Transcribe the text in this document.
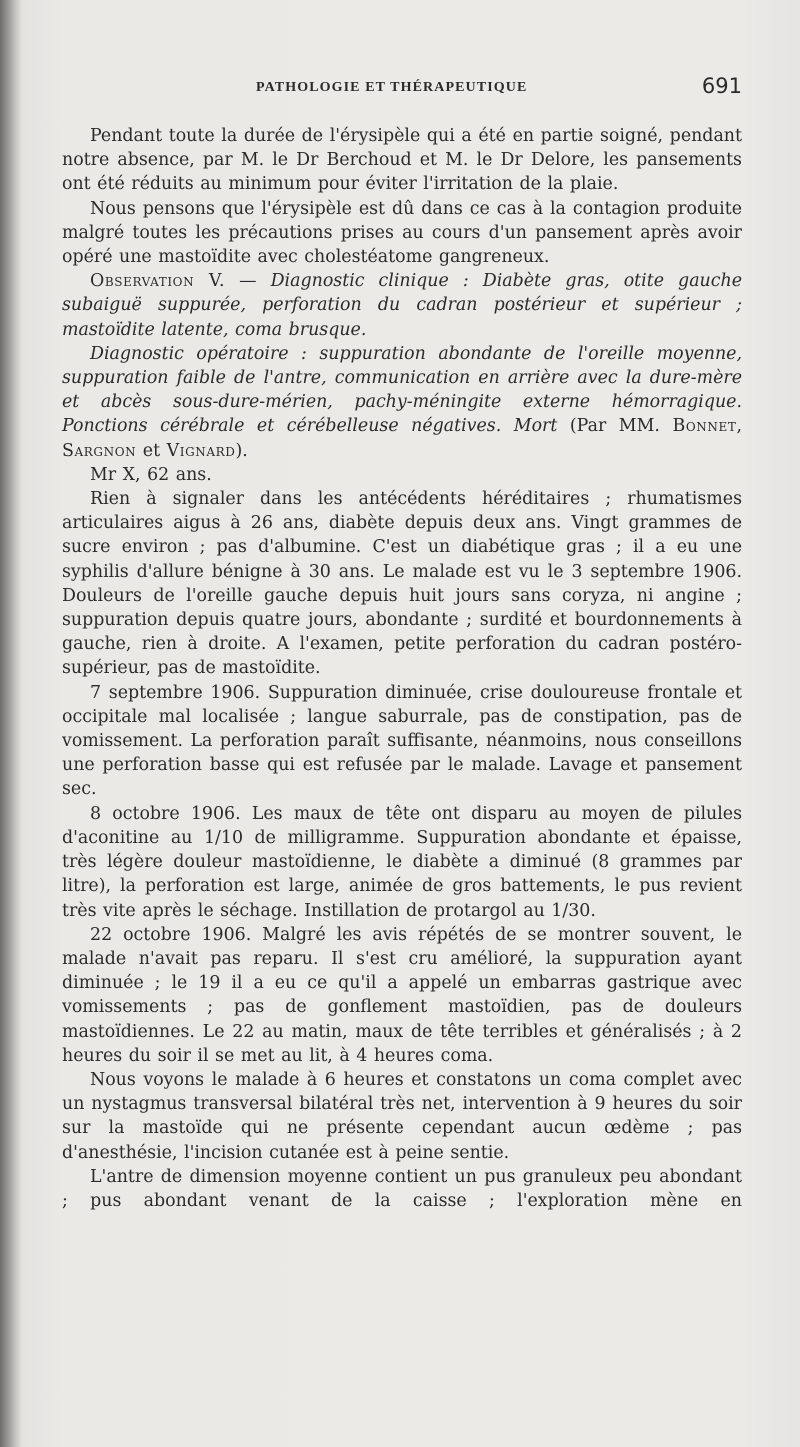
PATHOLOGIE ET THÉRAPEUTIQUE	691

Pendant toute la durée de l'érysipèle qui a été en partie soigné, pendant notre absence, par M. le Dr Berchoud et M. le Dr Delore, les pansements ont été réduits au minimum pour éviter l'irritation de la plaie.

Nous pensons que l'érysipèle est dû dans ce cas à la contagion produite malgré toutes les précautions prises au cours d'un pansement après avoir opéré une mastoïdite avec cholestéatome gangreneux.

Observation V. — Diagnostic clinique : Diabète gras, otite gauche subaiguë suppurée, perforation du cadran postérieur et supérieur ; mastoïdite latente, coma brusque.

Diagnostic opératoire : suppuration abondante de l'oreille moyenne, suppuration faible de l'antre, communication en arrière avec la dure-mère et abcès sous-dure-mérien, pachy-méningite externe hémorragique. Ponctions cérébrale et cérébelleuse négatives. Mort (Par MM. Bonnet, Sargnon et Vignard).

Mr X, 62 ans.

Rien à signaler dans les antécédents héréditaires ; rhumatismes articulaires aigus à 26 ans, diabète depuis deux ans. Vingt grammes de sucre environ ; pas d'albumine. C'est un diabétique gras ; il a eu une syphilis d'allure bénigne à 30 ans. Le malade est vu le 3 septembre 1906. Douleurs de l'oreille gauche depuis huit jours sans coryza, ni angine ; suppuration depuis quatre jours, abondante ; surdité et bourdonnements à gauche, rien à droite. A l'examen, petite perforation du cadran postéro-supérieur, pas de mastoïdite.

7 septembre 1906. Suppuration diminuée, crise douloureuse frontale et occipitale mal localisée ; langue saburrale, pas de constipation, pas de vomissement. La perforation paraît suffisante, néanmoins, nous conseillons une perforation basse qui est refusée par le malade. Lavage et pansement sec.

8 octobre 1906. Les maux de tête ont disparu au moyen de pilules d'aconitine au 1/10 de milligramme. Suppuration abondante et épaisse, très légère douleur mastoïdienne, le diabète a diminué (8 grammes par litre), la perforation est large, animée de gros battements, le pus revient très vite après le séchage. Instillation de protargol au 1/30.

22 octobre 1906. Malgré les avis répétés de se montrer souvent, le malade n'avait pas reparu. Il s'est cru amélioré, la suppuration ayant diminuée ; le 19 il a eu ce qu'il a appelé un embarras gastrique avec vomissements ; pas de gonflement mastoïdien, pas de douleurs mastoïdiennes. Le 22 au matin, maux de tête terribles et généralisés ; à 2 heures du soir il se met au lit, à 4 heures coma.

Nous voyons le malade à 6 heures et constatons un coma complet avec un nystagmus transversal bilatéral très net, intervention à 9 heures du soir sur la mastoïde qui ne présente cependant aucun œdème ; pas d'anesthésie, l'incision cutanée est à peine sentie.

L'antre de dimension moyenne contient un pus granuleux peu abondant ; pus abondant venant de la caisse ; l'exploration mène en
